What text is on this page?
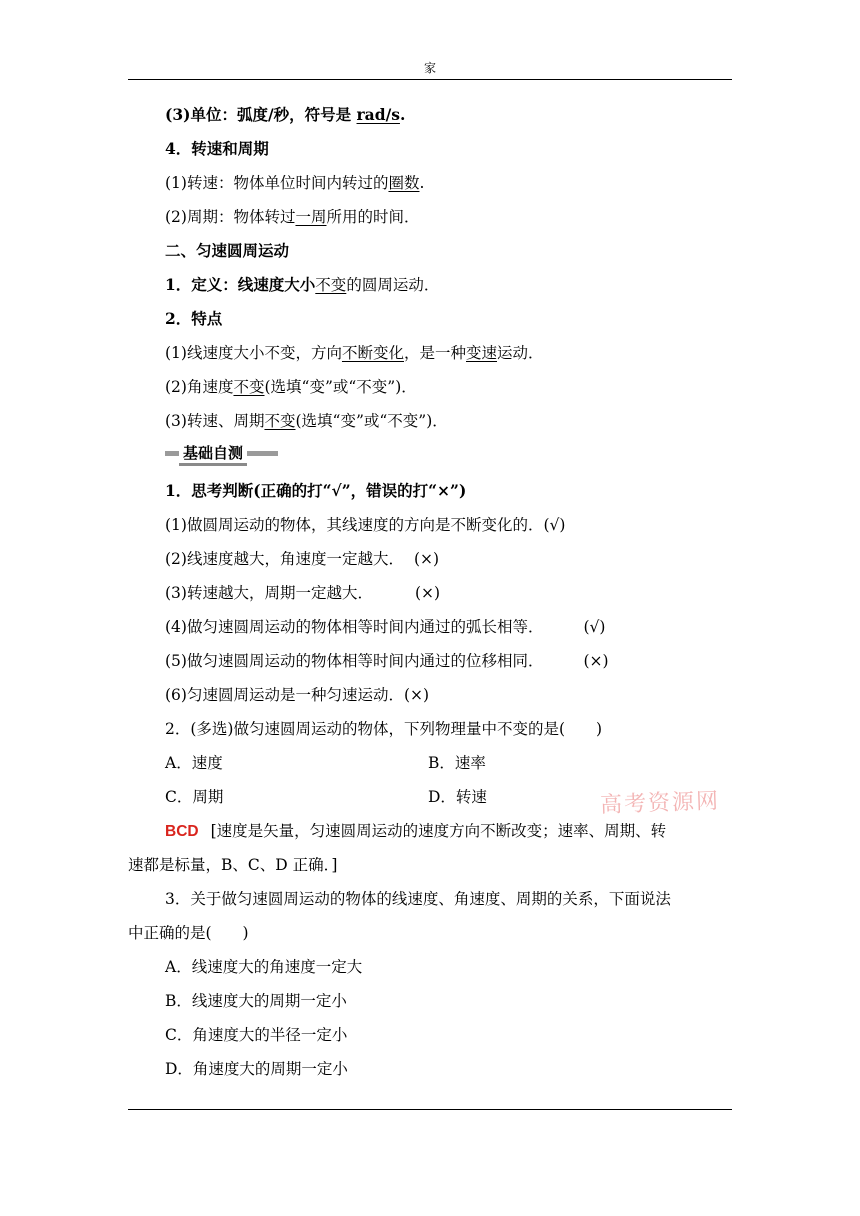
家
(3)单位：弧度/秒，符号是 rad/s.
4．转速和周期
(1)转速：物体单位时间内转过的圈数.
(2)周期：物体转过一周所用的时间．
二、匀速圆周运动
1．定义：线速度大小不变的圆周运动．
2．特点
(1)线速度大小不变，方向不断变化，是一种变速运动．
(2)角速度不变(选填“变”或“不变”)．
(3)转速、周期不变(选填“变”或“不变”)．
基础自测
1．思考判断(正确的打“√”，错误的打“×”)
(1)做圆周运动的物体，其线速度的方向是不断变化的．(√)
(2)线速度越大，角速度一定越大． (×)
(3)转速越大，周期一定越大．	(×)
(4)做匀速圆周运动的物体相等时间内通过的弧长相等．	(√)
(5)做匀速圆周运动的物体相等时间内通过的位移相同．	(×)
(6)匀速圆周运动是一种匀速运动．(×)
2．(多选)做匀速圆周运动的物体，下列物理量中不变的是(　　)
A．速度	B．速率
C．周期	D．转速	高考资源网
BCD [速度是矢量，匀速圆周运动的速度方向不断改变；速率、周期、转
速都是标量，B、C、D 正确．]
3．关于做匀速圆周运动的物体的线速度、角速度、周期的关系，下面说法
中正确的是(　　)
A．线速度大的角速度一定大
B．线速度大的周期一定小
C．角速度大的半径一定小
D．角速度大的周期一定小
